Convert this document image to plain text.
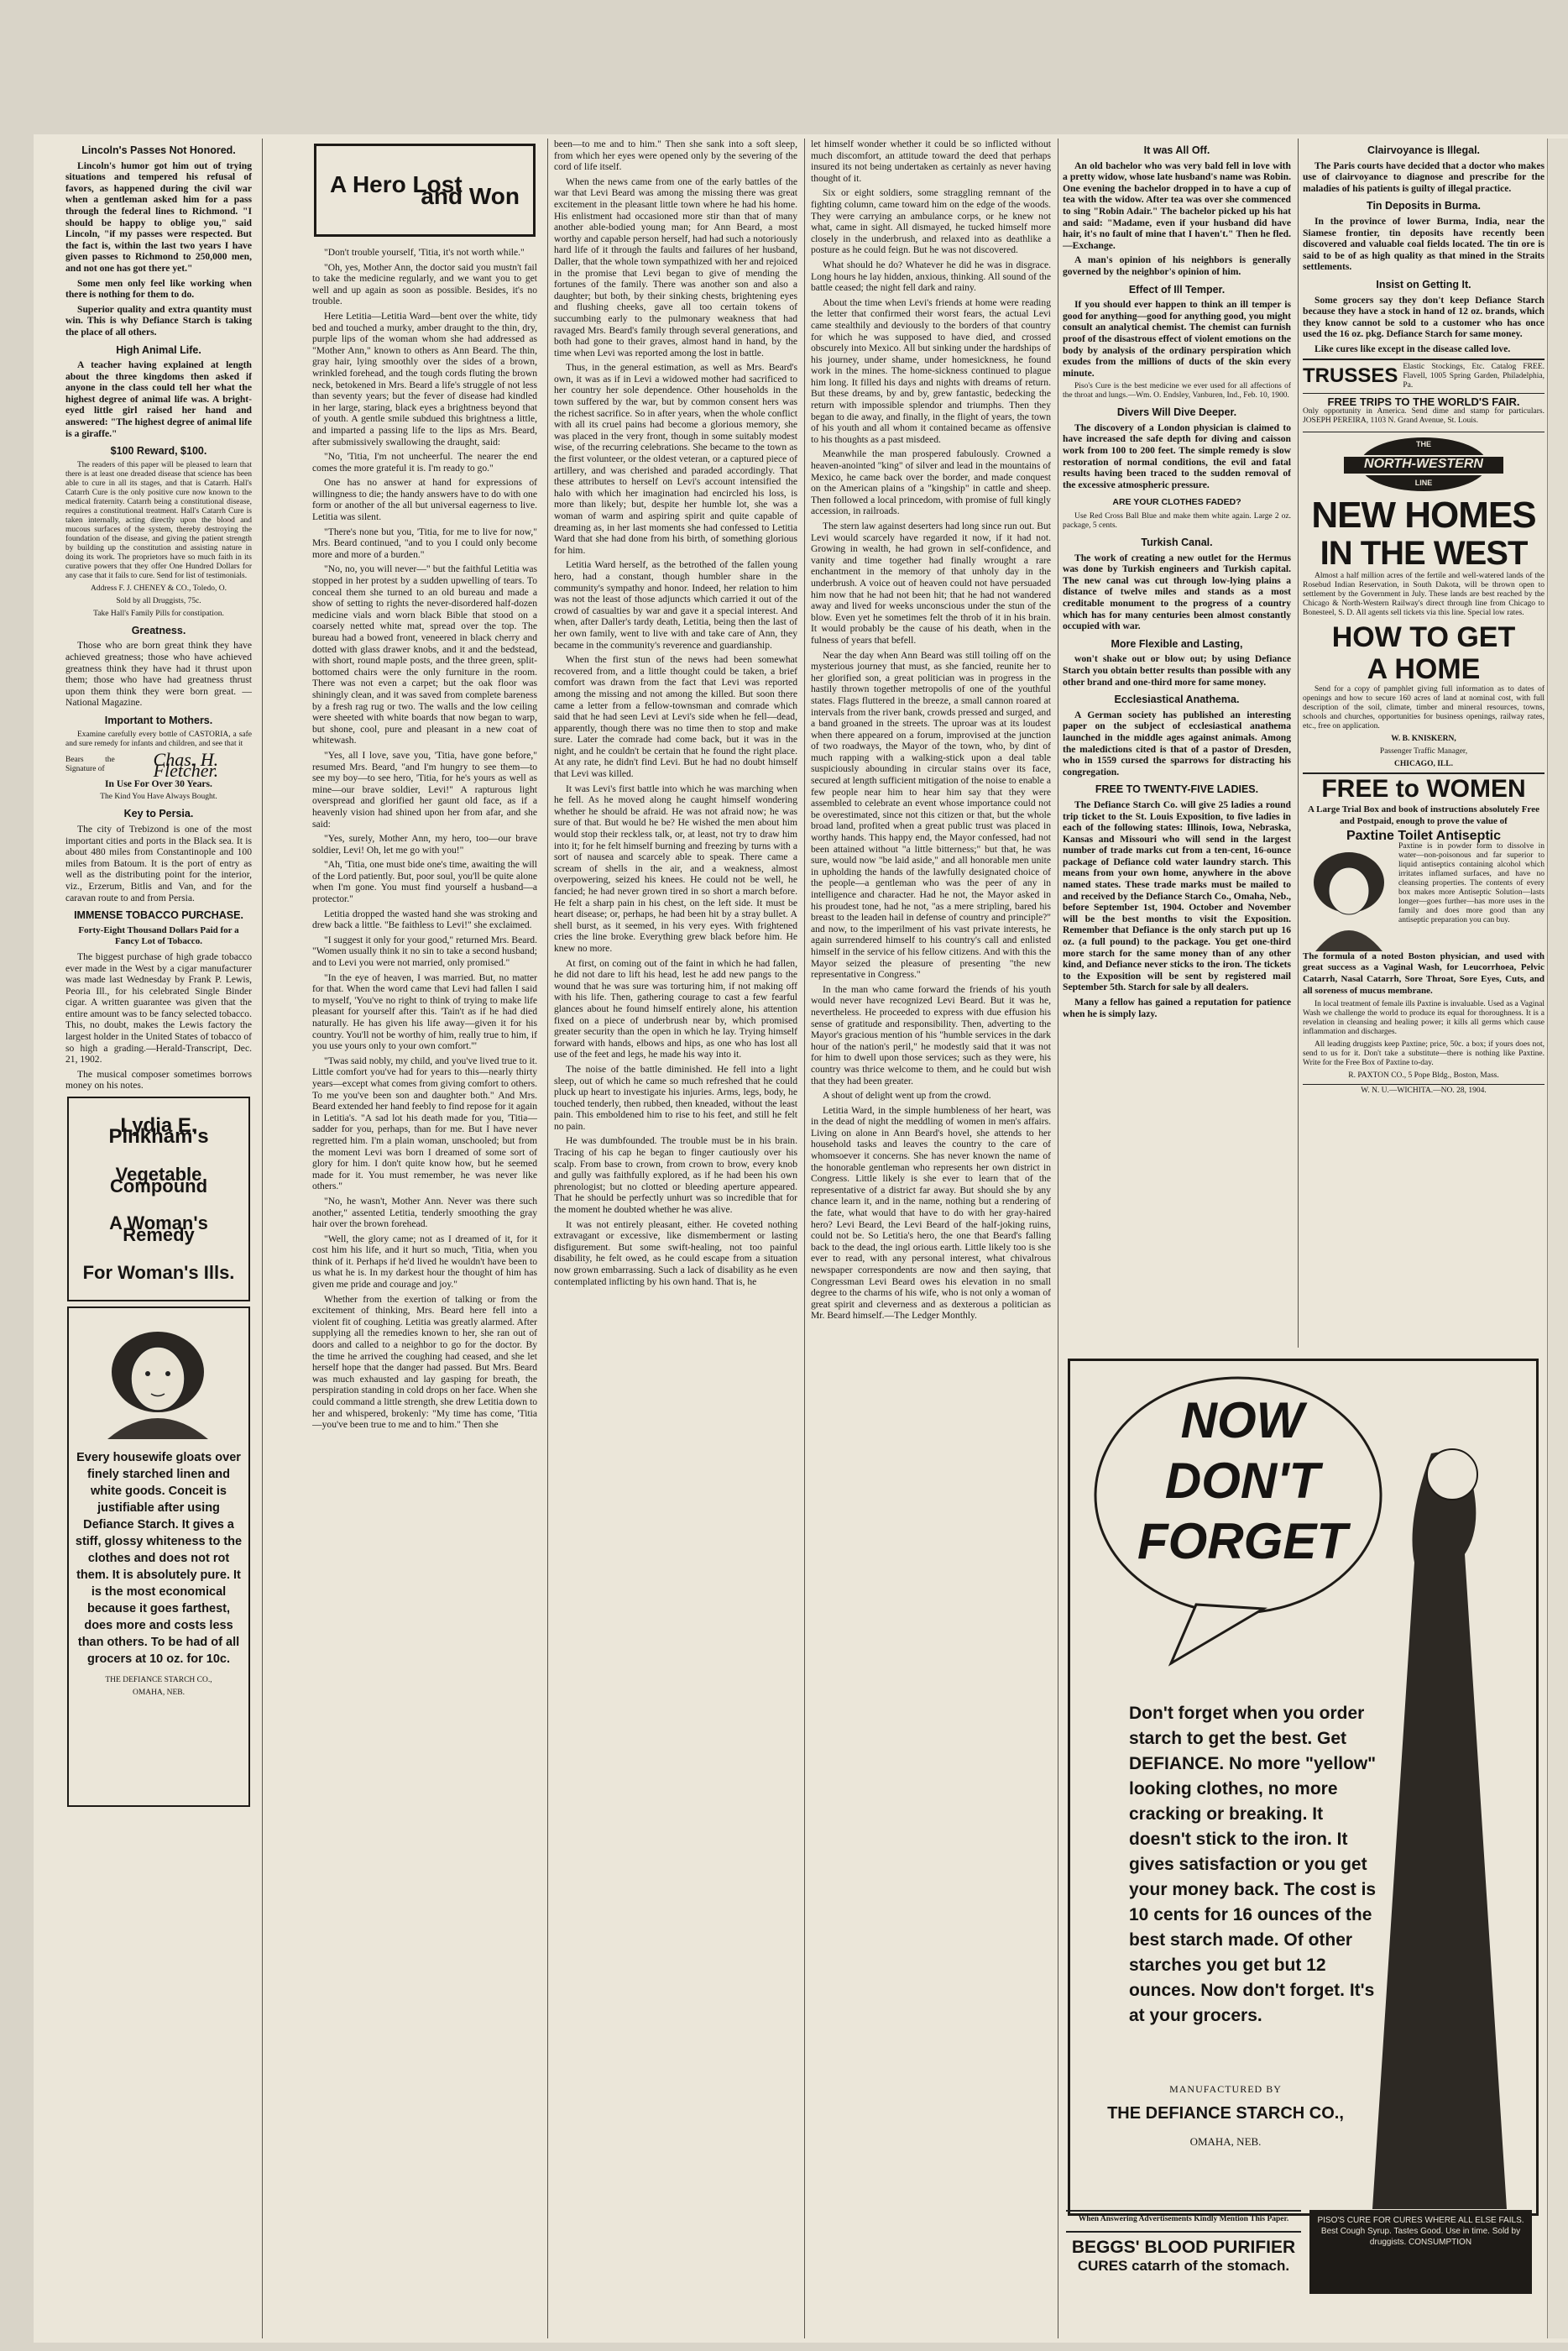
Lincoln's Passes Not Honored.

Lincoln's humor got him out of trying situations and tempered his refusal of favors, as happened during the civil war when a gentleman asked him for a pass through the federal lines to Richmond. "I should be happy to oblige you," said Lincoln, "if my passes were respected. But the fact is, within the last two years I have given passes to Richmond to 250,000 men, and not one has got there yet."

Some men only feel like working when there is nothing for them to do.

Superior quality and extra quantity must win. This is why Defiance Starch is taking the place of all others.

High Animal Life.

A teacher having explained at length about the three kingdoms then asked if anyone in the class could tell her what the highest degree of animal life was. A bright-eyed little girl raised her hand and answered: "The highest degree of animal life is a giraffe."

$100 Reward, $100.

The readers of this paper will be pleased to learn that there is at least one dreaded disease that science has been able to cure in all its stages, and that is Catarrh. Hall's Catarrh Cure is the only positive cure now known to the medical fraternity. Catarrh being a constitutional disease, requires a constitutional treatment. Hall's Catarrh Cure is taken internally, acting directly upon the blood and mucous surfaces of the system, thereby destroying the foundation of the disease, and giving the patient strength by building up the constitution and assisting nature in doing its work. The proprietors have so much faith in its curative powers that they offer One Hundred Dollars for any case that it fails to cure. Send for list of testimonials.

Address F. J. CHENEY & CO., Toledo, O.

Sold by all Druggists, 75c.

Take Hall's Family Pills for constipation.

Greatness.

Those who are born great think they have achieved greatness; those who have achieved greatness think they have had it thrust upon them; those who have had greatness thrust upon them think they were born great. —National Magazine.

Important to Mothers.

Examine carefully every bottle of CASTORIA, a safe and sure remedy for infants and children, and see that it

Bears the Signature of	Chas. H. Fletcher.

In Use For Over 30 Years.

The Kind You Have Always Bought.

Key to Persia.

The city of Trebizond is one of the most important cities and ports in the Black sea. It is about 480 miles from Constantinople and 100 miles from Batoum. It is the port of entry as well as the distributing point for the interior, viz., Erzerum, Bitlis and Van, and for the caravan route to and from Persia.

IMMENSE TOBACCO PURCHASE.

Forty-Eight Thousand Dollars Paid for a Fancy Lot of Tobacco.

The biggest purchase of high grade tobacco ever made in the West by a cigar manufacturer was made last Wednesday by Frank P. Lewis, Peoria Ill., for his celebrated Single Binder cigar. A written guarantee was given that the entire amount was to be fancy selected tobacco. This, no doubt, makes the Lewis factory the largest holder in the United States of tobacco of so high a grading.—Herald-Transcript, Dec. 21, 1902.

The musical composer sometimes borrows money on his notes.

Lydia E. Pinkham's
Vegetable Compound
A Woman's Remedy
For Woman's Ills.

Every housewife gloats over finely starched linen and white goods. Conceit is justifiable after using Defiance Starch. It gives a stiff, glossy whiteness to the clothes and does not rot them. It is absolutely pure. It is the most economical because it goes farthest, does more and costs less than others. To be had of all grocers at 10 oz. for 10c.

THE DEFIANCE STARCH CO.,

OMAHA, NEB.

A Hero Lost
and Won

"Don't trouble yourself, 'Titia, it's not worth while."

"Oh, yes, Mother Ann, the doctor said you mustn't fail to take the medicine regularly, and we want you to get well and up again as soon as possible. Besides, it's no trouble.

Here Letitia—Letitia Ward—bent over the white, tidy bed and touched a murky, amber draught to the thin, dry, purple lips of the woman whom she had addressed as "Mother Ann," known to others as Ann Beard. The thin, gray hair, lying smoothly over the sides of a brown, wrinkled forehead, and the tough cords fluting the brown neck, betokened in Mrs. Beard a life's struggle of not less than seventy years; but the fever of disease had kindled in her large, staring, black eyes a brightness beyond that of youth. A gentle smile subdued this brightness a little, and imparted a passing life to the lips as Mrs. Beard, after submissively swallowing the draught, said:

"No, 'Titia, I'm not uncheerful. The nearer the end comes the more grateful it is. I'm ready to go."

One has no answer at hand for expressions of willingness to die; the handy answers have to do with one form or another of the all but universal eagerness to live. Letitia was silent.

"There's none but you, 'Titia, for me to live for now," Mrs. Beard continued, "and to you I could only become more and more of a burden."

"No, no, you will never—" but the faithful Letitia was stopped in her protest by a sudden upwelling of tears. To conceal them she turned to an old bureau and made a show of setting to rights the never-disordered half-dozen medicine vials and worn black Bible that stood on a coarsely netted white mat, spread over the top. The bureau had a bowed front, veneered in black cherry and dotted with glass drawer knobs, and it and the bedstead, with short, round maple posts, and the three green, split-bottomed chairs were the only furniture in the room. There was not even a carpet; but the oak floor was shiningly clean, and it was saved from complete bareness by a fresh rag rug or two. The walls and the low ceiling were sheeted with white boards that now began to warp, but shone, cool, pure and pleasant in a new coat of whitewash.

"Yes, all I love, save you, 'Titia, have gone before," resumed Mrs. Beard, "and I'm hungry to see them—to see my boy—to see hero, 'Titia, for he's yours as well as mine—our brave soldier, Levi!" A rapturous light overspread and glorified her gaunt old face, as if a heavenly vision had shined upon her from afar, and she said:

"Yes, surely, Mother Ann, my hero, too—our brave soldier, Levi! Oh, let me go with you!"

"Ah, 'Titia, one must bide one's time, awaiting the will of the Lord patiently. But, poor soul, you'll be quite alone when I'm gone. You must find yourself a husband—a protector."

Letitia dropped the wasted hand she was stroking and drew back a little. "Be faithless to Levi!" she exclaimed.

"I suggest it only for your good," returned Mrs. Beard. "Women usually think it no sin to take a second husband; and to Levi you were not married, only promised."

"In the eye of heaven, I was married. But, no matter for that. When the word came that Levi had fallen I said to myself, 'You've no right to think of trying to make life pleasant for yourself after this. 'Tain't as if he had died naturally. He has given his life away—given it for his country. You'll not be worthy of him, really true to him, if you use yours only to your own comfort.'"

"Twas said nobly, my child, and you've lived true to it. Little comfort you've had for years to this—nearly thirty years—except what comes from giving comfort to others. To me you've been son and daughter both." And Mrs. Beard extended her hand feebly to find repose for it again in Letitia's. "A sad lot his death made for you, 'Titia—sadder for you, perhaps, than for me. But I have never regretted him. I'm a plain woman, unschooled; but from the moment Levi was born I dreamed of some sort of glory for him. I don't quite know how, but he seemed made for it. You must remember, he was never like others."

"No, he wasn't, Mother Ann. Never was there such another," assented Letitia, tenderly smoothing the gray hair over the brown forehead.

"Well, the glory came; not as I dreamed of it, for it cost him his life, and it hurt so much, 'Titia, when you think of it. Perhaps if he'd lived he wouldn't have been to us what he is. In my darkest hour the thought of him has given me pride and courage and joy."

Whether from the exertion of talking or from the excitement of thinking, Mrs. Beard here fell into a violent fit of coughing. Letitia was greatly alarmed. After supplying all the remedies known to her, she ran out of doors and called to a neighbor to go for the doctor. By the time he arrived the coughing had ceased, and she let herself hope that the danger had passed. But Mrs. Beard was much exhausted and lay gasping for breath, the perspiration standing in cold drops on her face. When she could command a little strength, she drew Letitia down to her and whispered, brokenly: "My time has come, 'Titia—you've been true to me and to him." Then she

been—to me and to him." Then she sank into a soft sleep, from which her eyes were opened only by the severing of the cord of life itself.

When the news came from one of the early battles of the war that Levi Beard was among the missing there was great excitement in the pleasant little town where he had his home. His enlistment had occasioned more stir than that of many another able-bodied young man; for Ann Beard, a most worthy and capable person herself, had had such a notoriously hard life of it through the faults and failures of her husband, Daller, that the whole town sympathized with her and rejoiced in the promise that Levi began to give of mending the fortunes of the family. There was another son and also a daughter; but both, by their sinking chests, brightening eyes and flushing cheeks, gave all too certain tokens of succumbing early to the pulmonary weakness that had ravaged Mrs. Beard's family through several generations, and both had gone to their graves, almost hand in hand, by the time when Levi was reported among the lost in battle.

Thus, in the general estimation, as well as Mrs. Beard's own, it was as if in Levi a widowed mother had sacrificed to her country her sole dependence. Other households in the town suffered by the war, but by common consent hers was the richest sacrifice. So in after years, when the whole conflict with all its cruel pains had become a glorious memory, she was placed in the very front, though in some suitably modest wise, of the recurring celebrations. She became to the town as the first volunteer, or the oldest veteran, or a captured piece of artillery, and was cherished and paraded accordingly. That these attributes to herself on Levi's account intensified the halo with which her imagination had encircled his loss, is more than likely; but, despite her humble lot, she was a woman of warm and aspiring spirit and quite capable of dreaming as, in her last moments she had confessed to Letitia Ward that she had done from his birth, of something glorious for him.

Letitia Ward herself, as the betrothed of the fallen young hero, had a constant, though humbler share in the community's sympathy and honor. Indeed, her relation to him was not the least of those adjuncts which carried it out of the crowd of casualties by war and gave it a special interest. And when, after Daller's tardy death, Letitia, being then the last of her own family, went to live with and take care of Ann, they became in the community's reverence and guardianship.

When the first stun of the news had been somewhat recovered from, and a little thought could be taken, a brief comfort was drawn from the fact that Levi was reported among the missing and not among the killed. But soon there came a letter from a fellow-townsman and comrade which said that he had seen Levi at Levi's side when he fell—dead, apparently, though there was no time then to stop and make sure. Later the comrade had come back, but it was in the night, and he couldn't be certain that he found the right place. At any rate, he didn't find Levi. But he had no doubt himself that Levi was killed.

It was Levi's first battle into which he was marching when he fell. As he moved along he caught himself wondering whether he should be afraid. He was not afraid now; he was sure of that. But would he be? He wished the men about him would stop their reckless talk, or, at least, not try to draw him into it; for he felt himself burning and freezing by turns with a sort of nausea and scarcely able to speak. There came a scream of shells in the air, and a weakness, almost overpowering, seized his knees. He could not be well, he fancied; he had never grown tired in so short a march before. He felt a sharp pain in his chest, on the left side. It must be heart disease; or, perhaps, he had been hit by a stray bullet. A shell burst, as it seemed, in his very eyes. With frightened cries the line broke. Everything grew black before him. He knew no more.

At first, on coming out of the faint in which he had fallen, he did not dare to lift his head, lest he add new pangs to the wound that he was sure was torturing him, if not making off with his life. Then, gathering courage to cast a few fearful glances about he found himself entirely alone, his attention fixed on a piece of underbrush near by, which promised greater security than the open in which he lay. Trying himself forward with hands, elbows and hips, as one who has lost all use of the feet and legs, he made his way into it.

The noise of the battle diminished. He fell into a light sleep, out of which he came so much refreshed that he could pluck up heart to investigate his injuries. Arms, legs, body, he touched tenderly, then rubbed, then kneaded, without the least pain. This emboldened him to rise to his feet, and still he felt no pain.

He was dumbfounded. The trouble must be in his brain. Tracing of his cap he began to finger cautiously over his scalp. From base to crown, from crown to brow, every knob and gully was faithfully explored, as if he had been his own phrenologist; but no clotted or bleeding aperture appeared. That he should be perfectly unhurt was so incredible that for the moment he doubted whether he was alive.

It was not entirely pleasant, either. He coveted nothing extravagant or excessive, like dismemberment or lasting disfigurement. But some swift-healing, not too painful disability, he felt owed, as he could escape from a situation now grown embarrassing. Such a lack of disability as he even contemplated inflicting by his own hand. That is, he

let himself wonder whether it could be so inflicted without much discomfort, an attitude toward the deed that perhaps insured its not being undertaken as certainly as never having thought of it.

Six or eight soldiers, some straggling remnant of the fighting column, came toward him on the edge of the woods. They were carrying an ambulance corps, or he knew not what, came in sight. All dismayed, he tucked himself more closely in the underbrush, and relaxed into as deathlike a posture as he could feign. But he was not discovered.

What should he do? Whatever he did he was in disgrace. Long hours he lay hidden, anxious, thinking. All sound of the battle ceased; the night fell dark and rainy.

About the time when Levi's friends at home were reading the letter that confirmed their worst fears, the actual Levi came stealthily and deviously to the borders of that country for which he was supposed to have died, and crossed obscurely into Mexico. All but sinking under the hardships of his journey, under shame, under homesickness, he found work in the mines. The home-sickness continued to plague him long. It filled his days and nights with dreams of return. But these dreams, by and by, grew fantastic, bedecking the return with impossible splendor and triumphs. Then they began to die away, and finally, in the flight of years, the town of his youth and all whom it contained became as offensive to his thoughts as a past misdeed.

Meanwhile the man prospered fabulously. Crowned a heaven-anointed "king" of silver and lead in the mountains of Mexico, he came back over the border, and made conquest on the American plains of a "kingship" in cattle and sheep. Then followed a local princedom, with promise of full kingly accession, in railroads.

The stern law against deserters had long since run out. But Levi would scarcely have regarded it now, if it had not. Growing in wealth, he had grown in self-confidence, and vanity and time together had finally wrought a rare enchantment in the memory of that unholy day in the underbrush. A voice out of heaven could not have persuaded him now that he had not been hit; that he had not wandered away and lived for weeks unconscious under the stun of the blow. Even yet he sometimes felt the throb of it in his brain. It would probably be the cause of his death, when in the fulness of years that befell.

Near the day when Ann Beard was still toiling off on the mysterious journey that must, as she fancied, reunite her to her glorified son, a great politician was in progress in the hastily thrown together metropolis of one of the youthful states. Flags fluttered in the breeze, a small cannon roared at intervals from the river bank, crowds pressed and surged, and a band groaned in the streets. The uproar was at its loudest when there appeared on a forum, improvised at the junction of two roadways, the Mayor of the town, who, by dint of much rapping with a walking-stick upon a deal table suspiciously abounding in circular stains over its face, secured at length sufficient mitigation of the noise to enable a few people near him to hear him say that they were assembled to celebrate an event whose importance could not be overestimated, since not this citizen or that, but the whole broad land, profited when a great public trust was placed in worthy hands. This happy end, the Mayor confessed, had not been attained without "a little bitterness;" but that, he was sure, would now "be laid aside," and all honorable men unite in upholding the hands of the lawfully designated choice of the people—a gentleman who was the peer of any in intelligence and character. Had he not, the Mayor asked in his proudest tone, had he not, "as a mere stripling, bared his breast to the leaden hail in defense of country and principle?" and now, to the imperilment of his vast private interests, he again surrendered himself to his country's call and enlisted himself in the service of his fellow citizens. And with this the Mayor seized the pleasure of presenting "the new representative in Congress."

In the man who came forward the friends of his youth would never have recognized Levi Beard. But it was he, nevertheless. He proceeded to express with due effusion his sense of gratitude and responsibility. Then, adverting to the Mayor's gracious mention of his "humble services in the dark hour of the nation's peril," he modestly said that it was not for him to dwell upon those services; such as they were, his country was thrice welcome to them, and he could but wish that they had been greater.

A shout of delight went up from the crowd.

Letitia Ward, in the simple humbleness of her heart, was in the dead of night the meddling of women in men's affairs. Living on alone in Ann Beard's hovel, she attends to her household tasks and leaves the country to the care of whomsoever it concerns. She has never known the name of the honorable gentleman who represents her own district in Congress. Little likely is she ever to learn that of the representative of a district far away. But should she by any chance learn it, and in the name, nothing but a rendering of the fate, what would that have to do with her gray-haired hero? Levi Beard, the Levi Beard of the half-joking ruins, could not be. So Letitia's hero, the one that Beard's falling back to the dead, the ingl orious earth. Little likely too is she ever to read, with any personal interest, what chivalrous newspaper correspondents are now and then saying, that Congressman Levi Beard owes his elevation in no small degree to the charms of his wife, who is not only a woman of great spirit and cleverness and as dexterous a politician as Mr. Beard himself.—The Ledger Monthly.

It was All Off.

An old bachelor who was very bald fell in love with a pretty widow, whose late husband's name was Robin. One evening the bachelor dropped in to have a cup of tea with the widow. After tea was over she commenced to sing "Robin Adair." The bachelor picked up his hat and said: "Madame, even if your husband did have hair, it's no fault of mine that I haven't." Then he fled.—Exchange.

A man's opinion of his neighbors is generally governed by the neighbor's opinion of him.

Effect of Ill Temper.

If you should ever happen to think an ill temper is good for anything—good for anything good, you might consult an analytical chemist. The chemist can furnish proof of the disastrous effect of violent emotions on the body by analysis of the ordinary perspiration which exudes from the millions of ducts of the skin every minute.

Piso's Cure is the best medicine we ever used for all affections of the throat and lungs.—Wm. O. Endsley, Vanburen, Ind., Feb. 10, 1900.

Divers Will Dive Deeper.

The discovery of a London physician is claimed to have increased the safe depth for diving and caisson work from 100 to 200 feet. The simple remedy is slow restoration of normal conditions, the evil and fatal results having been traced to the sudden removal of the excessive atmospheric pressure.

ARE YOUR CLOTHES FADED?

Use Red Cross Ball Blue and make them white again. Large 2 oz. package, 5 cents.

Turkish Canal.

The work of creating a new outlet for the Hermus was done by Turkish engineers and Turkish capital. The new canal was cut through low-lying plains a distance of twelve miles and stands as a most creditable monument to the progress of a country which has for many centuries been almost constantly occupied with war.

More Flexible and Lasting,

won't shake out or blow out; by using Defiance Starch you obtain better results than possible with any other brand and one-third more for same money.

Ecclesiastical Anathema.

A German society has published an interesting paper on the subject of ecclesiastical anathema launched in the middle ages against animals. Among the maledictions cited is that of a pastor of Dresden, who in 1559 cursed the sparrows for distracting his congregation.

FREE TO TWENTY-FIVE LADIES.

The Defiance Starch Co. will give 25 ladies a round trip ticket to the St. Louis Exposition, to five ladies in each of the following states: Illinois, Iowa, Nebraska, Kansas and Missouri who will send in the largest number of trade marks cut from a ten-cent, 16-ounce package of Defiance cold water laundry starch. This means from your own home, anywhere in the above named states. These trade marks must be mailed to and received by the Defiance Starch Co., Omaha, Neb., before September 1st, 1904. October and November will be the best months to visit the Exposition. Remember that Defiance is the only starch put up 16 oz. (a full pound) to the package. You get one-third more starch for the same money than of any other kind, and Defiance never sticks to the iron. The tickets to the Exposition will be sent by registered mail September 5th. Starch for sale by all dealers.

Many a fellow has gained a reputation for patience when he is simply lazy.

Clairvoyance is Illegal.

The Paris courts have decided that a doctor who makes use of clairvoyance to diagnose and prescribe for the maladies of his patients is guilty of illegal practice.

Tin Deposits in Burma.

In the province of lower Burma, India, near the Siamese frontier, tin deposits have recently been discovered and valuable coal fields located. The tin ore is said to be of as high quality as that mined in the Straits settlements.

Insist on Getting It.

Some grocers say they don't keep Defiance Starch because they have a stock in hand of 12 oz. brands, which they know cannot be sold to a customer who has once used the 16 oz. pkg. Defiance Starch for same money.

Like cures like except in the disease called love.

TRUSSES Elastic Stockings, Etc. Catalog FREE. Flavell, 1005 Spring Garden, Philadelphia, Pa.
FREE TRIPS TO THE WORLD'S FAIR.

Only opportunity in America. Send dime and stamp for particulars. JOSEPH PEREIRA, 1103 N. Grand Avenue, St. Louis.

THE
NORTH-WESTERN
LINE
NEW HOMES
IN THE WEST

Almost a half million acres of the fertile and well-watered lands of the Rosebud Indian Reservation, in South Dakota, will be thrown open to settlement by the Government in July. These lands are best reached by the Chicago & North-Western Railway's direct through line from Chicago to Bonesteel, S. D. All agents sell tickets via this line. Special low rates.

HOW TO GET
A HOME

Send for a copy of pamphlet giving full information as to dates of openings and how to secure 160 acres of land at nominal cost, with full description of the soil, climate, timber and mineral resources, towns, schools and churches, opportunities for business openings, railway rates, etc., free on application.

W. B. KNISKERN,

Passenger Traffic Manager,

CHICAGO, ILL.

FREE to WOMEN

A Large Trial Box and book of instructions absolutely Free and Postpaid, enough to prove the value of

Paxtine Toilet Antiseptic

Paxtine is in powder form to dissolve in water—non-poisonous and far superior to liquid antiseptics containing alcohol which irritates inflamed surfaces, and have no cleansing properties. The contents of every box makes more Antiseptic Solution—lasts longer—goes further—has more uses in the family and does more good than any antiseptic preparation you can buy.

The formula of a noted Boston physician, and used with great success as a Vaginal Wash, for Leucorrhoea, Pelvic Catarrh, Nasal Catarrh, Sore Throat, Sore Eyes, Cuts, and all soreness of mucus membrane.

In local treatment of female ills Paxtine is invaluable. Used as a Vaginal Wash we challenge the world to produce its equal for thoroughness. It is a revelation in cleansing and healing power; it kills all germs which cause inflammation and discharges.

All leading druggists keep Paxtine; price, 50c. a box; if yours does not, send to us for it. Don't take a substitute—there is nothing like Paxtine. Write for the Free Box of Paxtine to-day.

R. PAXTON CO., 5 Pope Bldg., Boston, Mass.

W. N. U.—WICHITA.—NO. 28, 1904.

NOW
DON'T
FORGET

Don't forget when you order starch to get the best. Get DEFIANCE. No more "yellow" looking clothes, no more cracking or breaking. It doesn't stick to the iron. It gives satisfaction or you get your money back. The cost is 10 cents for 16 ounces of the best starch made. Of other starches you get but 12 ounces. Now don't forget. It's at your grocers.

MANUFACTURED BY
THE DEFIANCE STARCH CO.,
OMAHA, NEB.

When Answering Advertisements Kindly Mention This Paper.

BEGGS' BLOOD PURIFIER
CURES catarrh of the stomach.
PISO'S CURE FOR CURES WHERE ALL ELSE FAILS. Best Cough Syrup. Tastes Good. Use in time. Sold by druggists. CONSUMPTION
